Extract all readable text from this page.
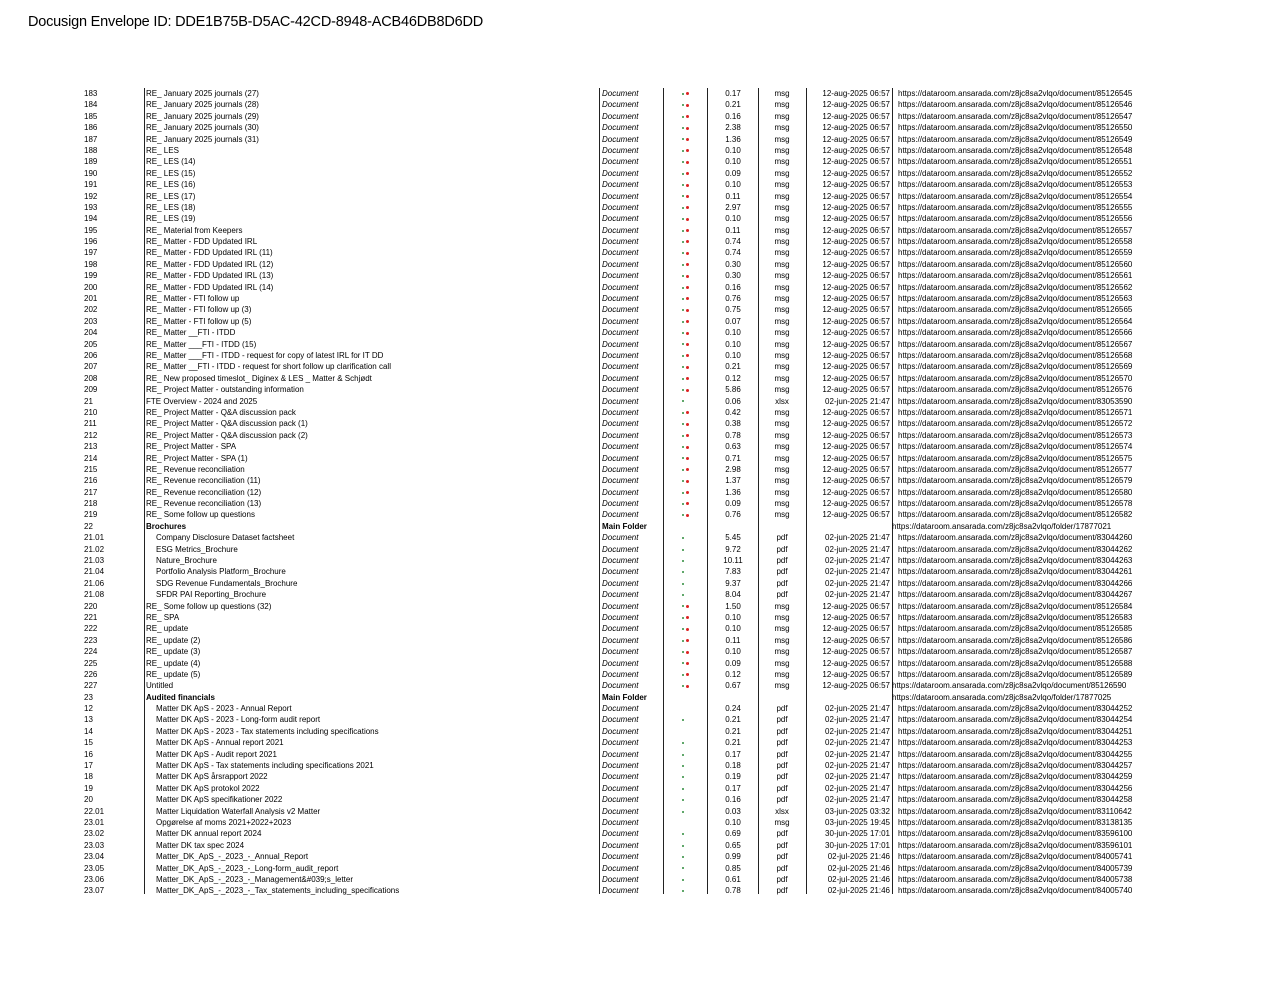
Docusign Envelope ID: DDE1B75B-D5AC-42CD-8948-ACB46DB8D6DD
183	RE_ January 2025 journals (27)	Document	0.17	msg	12-aug-2025 06:57 https://dataroom.ansarada.com/z8jc8sa2vlqo/document/85126545
184	RE_ January 2025 journals (28)	Document	0.21	msg	12-aug-2025 06:57 https://dataroom.ansarada.com/z8jc8sa2vlqo/document/85126546
185	RE_ January 2025 journals (29)	Document	0.16	msg	12-aug-2025 06:57 https://dataroom.ansarada.com/z8jc8sa2vlqo/document/85126547
186	RE_ January 2025 journals (30)	Document	2.38	msg	12-aug-2025 06:57 https://dataroom.ansarada.com/z8jc8sa2vlqo/document/85126550
187	RE_ January 2025 journals (31)	Document	1.36	msg	12-aug-2025 06:57 https://dataroom.ansarada.com/z8jc8sa2vlqo/document/85126549
188	RE_ LES	Document	0.10	msg	12-aug-2025 06:57 https://dataroom.ansarada.com/z8jc8sa2vlqo/document/85126548
189	RE_ LES (14)	Document	0.10	msg	12-aug-2025 06:57 https://dataroom.ansarada.com/z8jc8sa2vlqo/document/85126551
190	RE_ LES (15)	Document	0.09	msg	12-aug-2025 06:57 https://dataroom.ansarada.com/z8jc8sa2vlqo/document/85126552
191	RE_ LES (16)	Document	0.10	msg	12-aug-2025 06:57 https://dataroom.ansarada.com/z8jc8sa2vlqo/document/85126553
192	RE_ LES (17)	Document	0.11	msg	12-aug-2025 06:57 https://dataroom.ansarada.com/z8jc8sa2vlqo/document/85126554
193	RE_ LES (18)	Document	2.97	msg	12-aug-2025 06:57 https://dataroom.ansarada.com/z8jc8sa2vlqo/document/85126555
194	RE_ LES (19)	Document	0.10	msg	12-aug-2025 06:57 https://dataroom.ansarada.com/z8jc8sa2vlqo/document/85126556
195	RE_ Material from Keepers	Document	0.11	msg	12-aug-2025 06:57 https://dataroom.ansarada.com/z8jc8sa2vlqo/document/85126557
196	RE_ Matter - FDD Updated IRL	Document	0.74	msg	12-aug-2025 06:57 https://dataroom.ansarada.com/z8jc8sa2vlqo/document/85126558
197	RE_ Matter - FDD Updated IRL (11)	Document	0.74	msg	12-aug-2025 06:57 https://dataroom.ansarada.com/z8jc8sa2vlqo/document/85126559
198	RE_ Matter - FDD Updated IRL (12)	Document	0.30	msg	12-aug-2025 06:57 https://dataroom.ansarada.com/z8jc8sa2vlqo/document/85126560
199	RE_ Matter - FDD Updated IRL (13)	Document	0.30	msg	12-aug-2025 06:57 https://dataroom.ansarada.com/z8jc8sa2vlqo/document/85126561
200	RE_ Matter - FDD Updated IRL (14)	Document	0.16	msg	12-aug-2025 06:57 https://dataroom.ansarada.com/z8jc8sa2vlqo/document/85126562
201	RE_ Matter - FTI follow up	Document	0.76	msg	12-aug-2025 06:57 https://dataroom.ansarada.com/z8jc8sa2vlqo/document/85126563
202	RE_ Matter - FTI follow up (3)	Document	0.75	msg	12-aug-2025 06:57 https://dataroom.ansarada.com/z8jc8sa2vlqo/document/85126565
203	RE_ Matter - FTI follow up (5)	Document	0.07	msg	12-aug-2025 06:57 https://dataroom.ansarada.com/z8jc8sa2vlqo/document/85126564
204	RE_ Matter __FTI - ITDD	Document	0.10	msg	12-aug-2025 06:57 https://dataroom.ansarada.com/z8jc8sa2vlqo/document/85126566
205	RE_ Matter ___FTI - ITDD (15)	Document	0.10	msg	12-aug-2025 06:57 https://dataroom.ansarada.com/z8jc8sa2vlqo/document/85126567
206	RE_ Matter ___FTI - ITDD - request for copy of latest IRL for IT DD	Document	0.10	msg	12-aug-2025 06:57 https://dataroom.ansarada.com/z8jc8sa2vlqo/document/85126568
207	RE_ Matter __FTI - ITDD - request for short follow up clarification call	Document	0.21	msg	12-aug-2025 06:57 https://dataroom.ansarada.com/z8jc8sa2vlqo/document/85126569
208	RE_ New proposed timeslot_ Diginex & LES _ Matter & Schjødt	Document	0.12	msg	12-aug-2025 06:57 https://dataroom.ansarada.com/z8jc8sa2vlqo/document/85126570
209	RE_ Project Matter - outstanding information	Document	5.86	msg	12-aug-2025 06:57 https://dataroom.ansarada.com/z8jc8sa2vlqo/document/85126576
21	FTE Overview - 2024 and 2025	Document	0.06	xlsx	02-jun-2025 21:47 https://dataroom.ansarada.com/z8jc8sa2vlqo/document/83053590
210	RE_ Project Matter - Q&A discussion pack	Document	0.42	msg	12-aug-2025 06:57 https://dataroom.ansarada.com/z8jc8sa2vlqo/document/85126571
211	RE_ Project Matter - Q&A discussion pack (1)	Document	0.38	msg	12-aug-2025 06:57 https://dataroom.ansarada.com/z8jc8sa2vlqo/document/85126572
212	RE_ Project Matter - Q&A discussion pack (2)	Document	0.78	msg	12-aug-2025 06:57 https://dataroom.ansarada.com/z8jc8sa2vlqo/document/85126573
213	RE_ Project Matter - SPA	Document	0.63	msg	12-aug-2025 06:57 https://dataroom.ansarada.com/z8jc8sa2vlqo/document/85126574
214	RE_ Project Matter - SPA (1)	Document	0.71	msg	12-aug-2025 06:57 https://dataroom.ansarada.com/z8jc8sa2vlqo/document/85126575
215	RE_ Revenue reconciliation	Document	2.98	msg	12-aug-2025 06:57 https://dataroom.ansarada.com/z8jc8sa2vlqo/document/85126577
216	RE_ Revenue reconciliation (11)	Document	1.37	msg	12-aug-2025 06:57 https://dataroom.ansarada.com/z8jc8sa2vlqo/document/85126579
217	RE_ Revenue reconciliation (12)	Document	1.36	msg	12-aug-2025 06:57 https://dataroom.ansarada.com/z8jc8sa2vlqo/document/85126580
218	RE_ Revenue reconciliation (13)	Document	0.09	msg	12-aug-2025 06:57 https://dataroom.ansarada.com/z8jc8sa2vlqo/document/85126578
219	RE_ Some follow up questions	Document	0.76	msg	12-aug-2025 06:57 https://dataroom.ansarada.com/z8jc8sa2vlqo/document/85126582
22	Brochures	Main Folder	https://dataroom.ansarada.com/z8jc8sa2vlqo/folder/17877021
21.01	Company Disclosure Dataset factsheet	Document	5.45	pdf	02-jun-2025 21:47 https://dataroom.ansarada.com/z8jc8sa2vlqo/document/83044260
21.02	ESG Metrics_Brochure	Document	9.72	pdf	02-jun-2025 21:47 https://dataroom.ansarada.com/z8jc8sa2vlqo/document/83044262
21.03	Nature_Brochure	Document	10.11	pdf	02-jun-2025 21:47 https://dataroom.ansarada.com/z8jc8sa2vlqo/document/83044263
21.04	Portfolio Analysis Platform_Brochure	Document	7.83	pdf	02-jun-2025 21:47 https://dataroom.ansarada.com/z8jc8sa2vlqo/document/83044261
21.06	SDG Revenue Fundamentals_Brochure	Document	9.37	pdf	02-jun-2025 21:47 https://dataroom.ansarada.com/z8jc8sa2vlqo/document/83044266
21.08	SFDR PAI Reporting_Brochure	Document	8.04	pdf	02-jun-2025 21:47 https://dataroom.ansarada.com/z8jc8sa2vlqo/document/83044267
220	RE_ Some follow up questions (32)	Document	1.50	msg	12-aug-2025 06:57 https://dataroom.ansarada.com/z8jc8sa2vlqo/document/85126584
221	RE_ SPA	Document	0.10	msg	12-aug-2025 06:57 https://dataroom.ansarada.com/z8jc8sa2vlqo/document/85126583
222	RE_ update	Document	0.10	msg	12-aug-2025 06:57 https://dataroom.ansarada.com/z8jc8sa2vlqo/document/85126585
223	RE_ update (2)	Document	0.11	msg	12-aug-2025 06:57 https://dataroom.ansarada.com/z8jc8sa2vlqo/document/85126586
224	RE_ update (3)	Document	0.10	msg	12-aug-2025 06:57 https://dataroom.ansarada.com/z8jc8sa2vlqo/document/85126587
225	RE_ update (4)	Document	0.09	msg	12-aug-2025 06:57 https://dataroom.ansarada.com/z8jc8sa2vlqo/document/85126588
226	RE_ update (5)	Document	0.12	msg	12-aug-2025 06:57 https://dataroom.ansarada.com/z8jc8sa2vlqo/document/85126589
227	Untitled	Document	0.67	msg	12-aug-2025 06:57 https://dataroom.ansarada.com/z8jc8sa2vlqo/document/85126590
23	Audited financials	Main Folder	https://dataroom.ansarada.com/z8jc8sa2vlqo/folder/17877025
12	Matter DK ApS - 2023 - Annual Report	Document	0.24	pdf	02-jun-2025 21:47 https://dataroom.ansarada.com/z8jc8sa2vlqo/document/83044252
13	Matter DK ApS - 2023 - Long-form audit report	Document	0.21	pdf	02-jun-2025 21:47 https://dataroom.ansarada.com/z8jc8sa2vlqo/document/83044254
14	Matter DK ApS - 2023 - Tax statements including specifications	Document	0.21	pdf	02-jun-2025 21:47 https://dataroom.ansarada.com/z8jc8sa2vlqo/document/83044251
15	Matter DK ApS - Annual report 2021	Document	0.21	pdf	02-jun-2025 21:47 https://dataroom.ansarada.com/z8jc8sa2vlqo/document/83044253
16	Matter DK ApS - Audit report 2021	Document	0.17	pdf	02-jun-2025 21:47 https://dataroom.ansarada.com/z8jc8sa2vlqo/document/83044255
17	Matter DK ApS - Tax statements including specifications 2021	Document	0.18	pdf	02-jun-2025 21:47 https://dataroom.ansarada.com/z8jc8sa2vlqo/document/83044257
18	Matter DK ApS årsrapport 2022	Document	0.19	pdf	02-jun-2025 21:47 https://dataroom.ansarada.com/z8jc8sa2vlqo/document/83044259
19	Matter DK ApS protokol 2022	Document	0.17	pdf	02-jun-2025 21:47 https://dataroom.ansarada.com/z8jc8sa2vlqo/document/83044256
20	Matter DK ApS specifikationer 2022	Document	0.16	pdf	02-jun-2025 21:47 https://dataroom.ansarada.com/z8jc8sa2vlqo/document/83044258
22.01	Matter Liquidation Waterfall Analysis v2 Matter	Document	0.03	xlsx	03-jun-2025 03:32 https://dataroom.ansarada.com/z8jc8sa2vlqo/document/83110642
23.01	Opgørelse af moms 2021+2022+2023	Document	0.10	msg	03-jun-2025 19:45 https://dataroom.ansarada.com/z8jc8sa2vlqo/document/83138135
23.02	Matter DK annual report 2024	Document	0.69	pdf	30-jun-2025 17:01 https://dataroom.ansarada.com/z8jc8sa2vlqo/document/83596100
23.03	Matter DK tax spec 2024	Document	0.65	pdf	30-jun-2025 17:01 https://dataroom.ansarada.com/z8jc8sa2vlqo/document/83596101
23.04	Matter_DK_ApS_-_2023_-_Annual_Report	Document	0.99	pdf	02-jul-2025 21:46 https://dataroom.ansarada.com/z8jc8sa2vlqo/document/84005741
23.05	Matter_DK_ApS_-_2023_-_Long-form_audit_report	Document	0.85	pdf	02-jul-2025 21:46 https://dataroom.ansarada.com/z8jc8sa2vlqo/document/84005739
23.06	Matter_DK_ApS_-_2023_-_Management&#039;s_letter	Document	0.61	pdf	02-jul-2025 21:46 https://dataroom.ansarada.com/z8jc8sa2vlqo/document/84005738
23.07	Matter_DK_ApS_-_2023_-_Tax_statements_including_specifications	Document	0.78	pdf	02-jul-2025 21:46 https://dataroom.ansarada.com/z8jc8sa2vlqo/document/84005740
